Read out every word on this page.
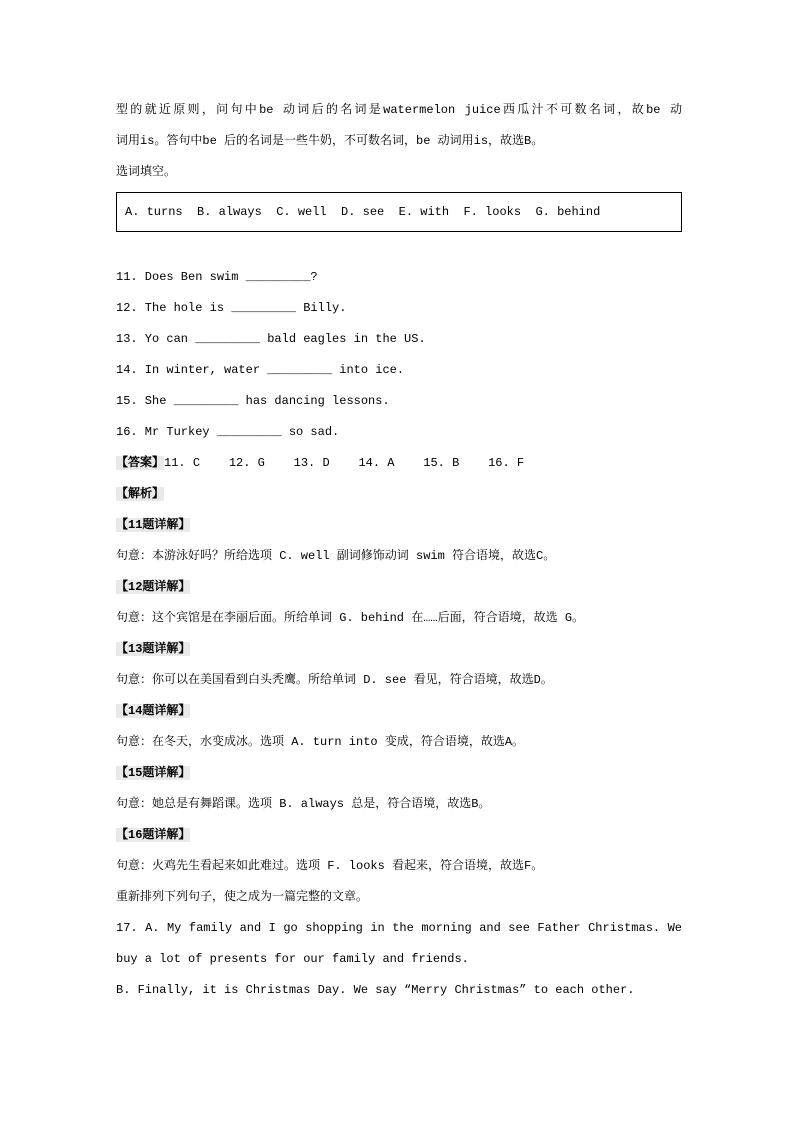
型的就近原则，问句中be 动词后的名词是watermelon juice西瓜汁不可数名词，故be 动

词用is。答句中be 后的名词是一些牛奶，不可数名词，be 动词用is，故选B。

选词填空。

A. turns  B. always  C. well  D. see  E. with  F. looks  G. behind

11. Does Ben swim _________?

12. The hole is _________ Billy.

13. Yo can _________ bald eagles in the US.

14. In winter, water _________ into ice.

15. She _________ has dancing lessons.

16. Mr Turkey _________ so sad.

【答案】11. C    12. G    13. D    14. A    15. B    16. F

【解析】

【11题详解】

句意：本游泳好吗？所给选项 C. well 副词修饰动词 swim 符合语境，故选C。

【12题详解】

句意：这个宾馆是在李丽后面。所给单词 G. behind 在……后面，符合语境，故选 G。

【13题详解】

句意：你可以在美国看到白头秃鹰。所给单词 D. see 看见，符合语境，故选D。

【14题详解】

句意：在冬天，水变成冰。选项 A. turn into 变成，符合语境，故选A。

【15题详解】

句意：她总是有舞蹈课。选项 B. always 总是，符合语境，故选B。

【16题详解】

句意：火鸡先生看起来如此难过。选项 F. looks 看起来，符合语境，故选F。

重新排列下列句子，使之成为一篇完整的文章。

17. A. My family and I go shopping in the morning and see Father Christmas. We

buy a lot of presents for our family and friends.

B. Finally, it is Christmas Day. We say “Merry Christmas” to each other.
